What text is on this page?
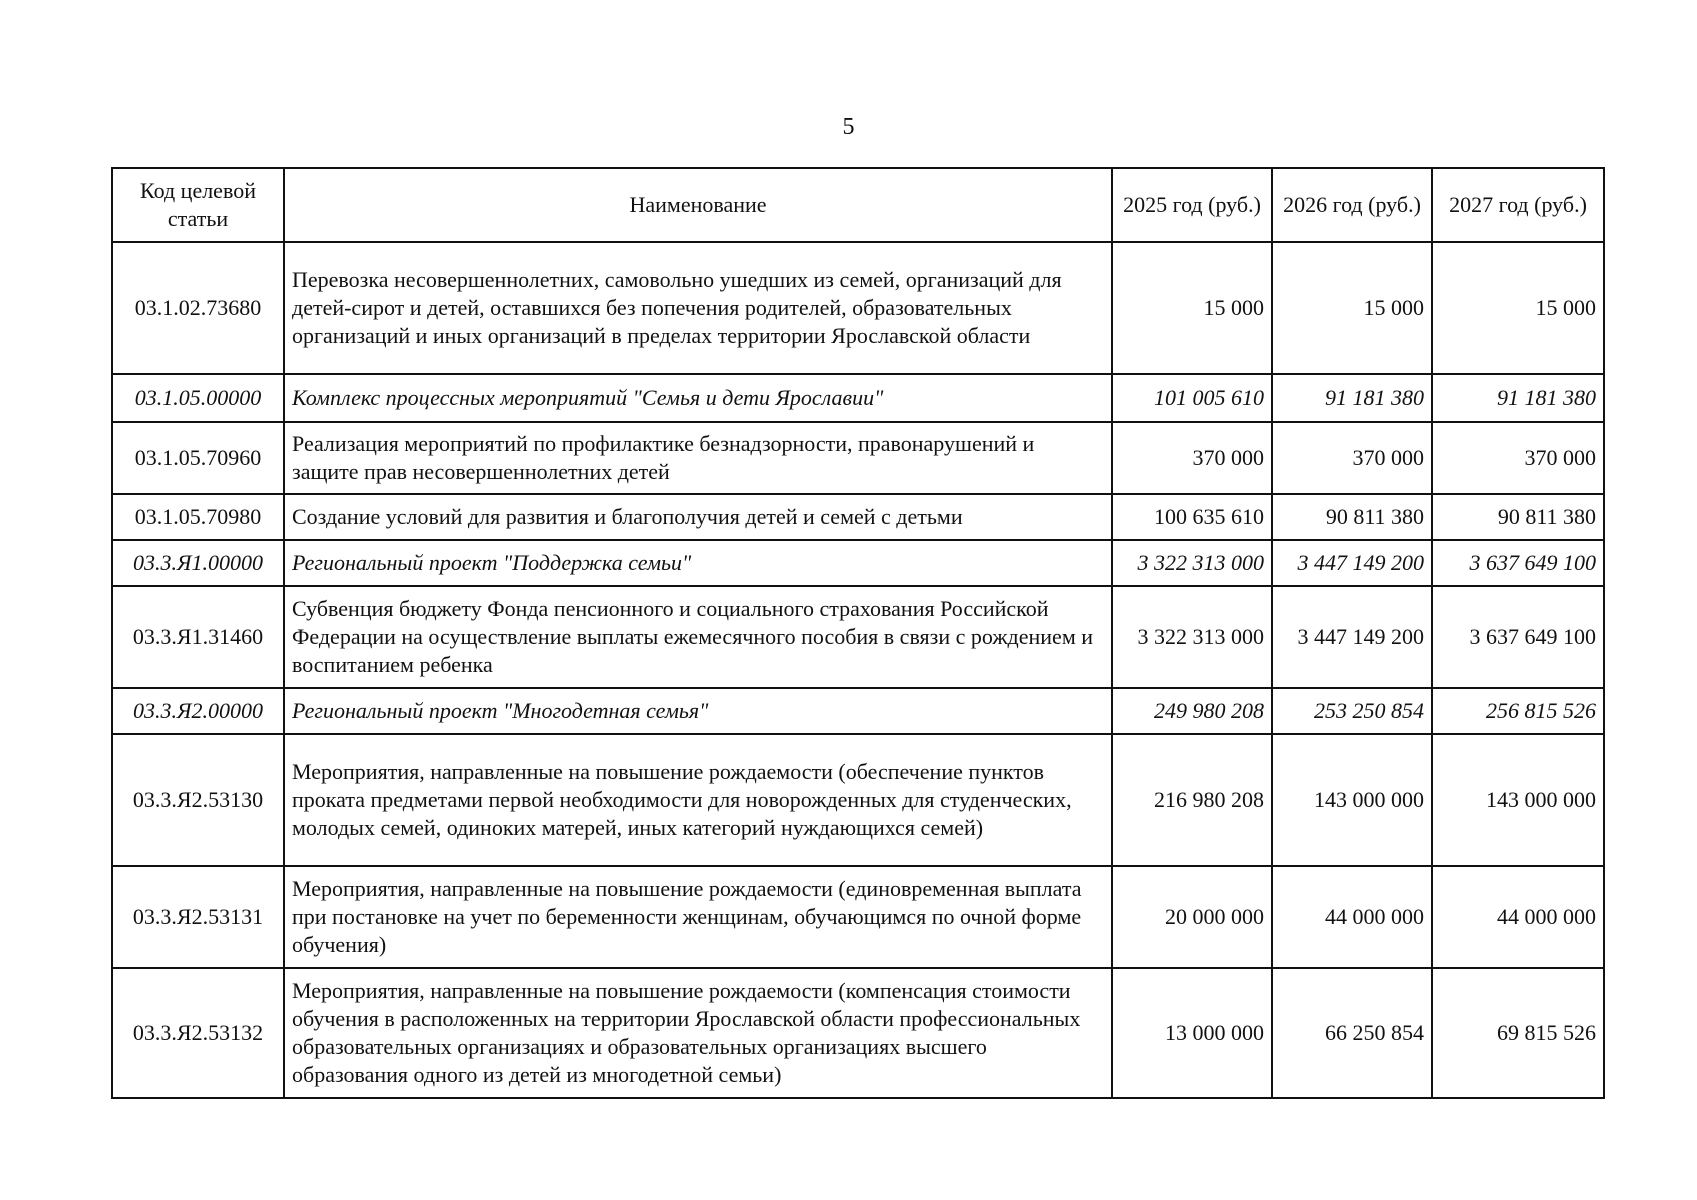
5
Код целевой статьи	Наименование	2025 год (руб.)	2026 год (руб.)	2027 год (руб.)
03.1.02.73680	Перевозка несовершеннолетних, самовольно ушедших из семей, организаций для детей-сирот и детей, оставшихся без попечения родителей, образовательных организаций и иных организаций в пределах территории Ярославской области	15 000	15 000	15 000
03.1.05.00000	Комплекс процессных мероприятий "Семья и дети Ярославии"	101 005 610	91 181 380	91 181 380
03.1.05.70960	Реализация мероприятий по профилактике безнадзорности, правонарушений и защите прав несовершеннолетних детей	370 000	370 000	370 000
03.1.05.70980	Создание условий для развития и благополучия детей и семей с детьми	100 635 610	90 811 380	90 811 380
03.3.Я1.00000	Региональный проект "Поддержка семьи"	3 322 313 000	3 447 149 200	3 637 649 100
03.3.Я1.31460	Субвенция бюджету Фонда пенсионного и социального страхования Российской Федерации на осуществление выплаты ежемесячного пособия в связи с рождением и воспитанием ребенка	3 322 313 000	3 447 149 200	3 637 649 100
03.3.Я2.00000	Региональный проект "Многодетная семья"	249 980 208	253 250 854	256 815 526
03.3.Я2.53130	Мероприятия, направленные на повышение рождаемости (обеспечение пунктов проката предметами первой необходимости для новорожденных для студенческих, молодых семей, одиноких матерей, иных категорий нуждающихся семей)	216 980 208	143 000 000	143 000 000
03.3.Я2.53131	Мероприятия, направленные на повышение рождаемости (единовременная выплата при постановке на учет по беременности женщинам, обучающимся по очной форме обучения)	20 000 000	44 000 000	44 000 000
03.3.Я2.53132	Мероприятия, направленные на повышение рождаемости (компенсация стоимости обучения в расположенных на территории Ярославской области профессиональных образовательных организациях и образовательных организациях высшего образования одного из детей из многодетной семьи)	13 000 000	66 250 854	69 815 526
